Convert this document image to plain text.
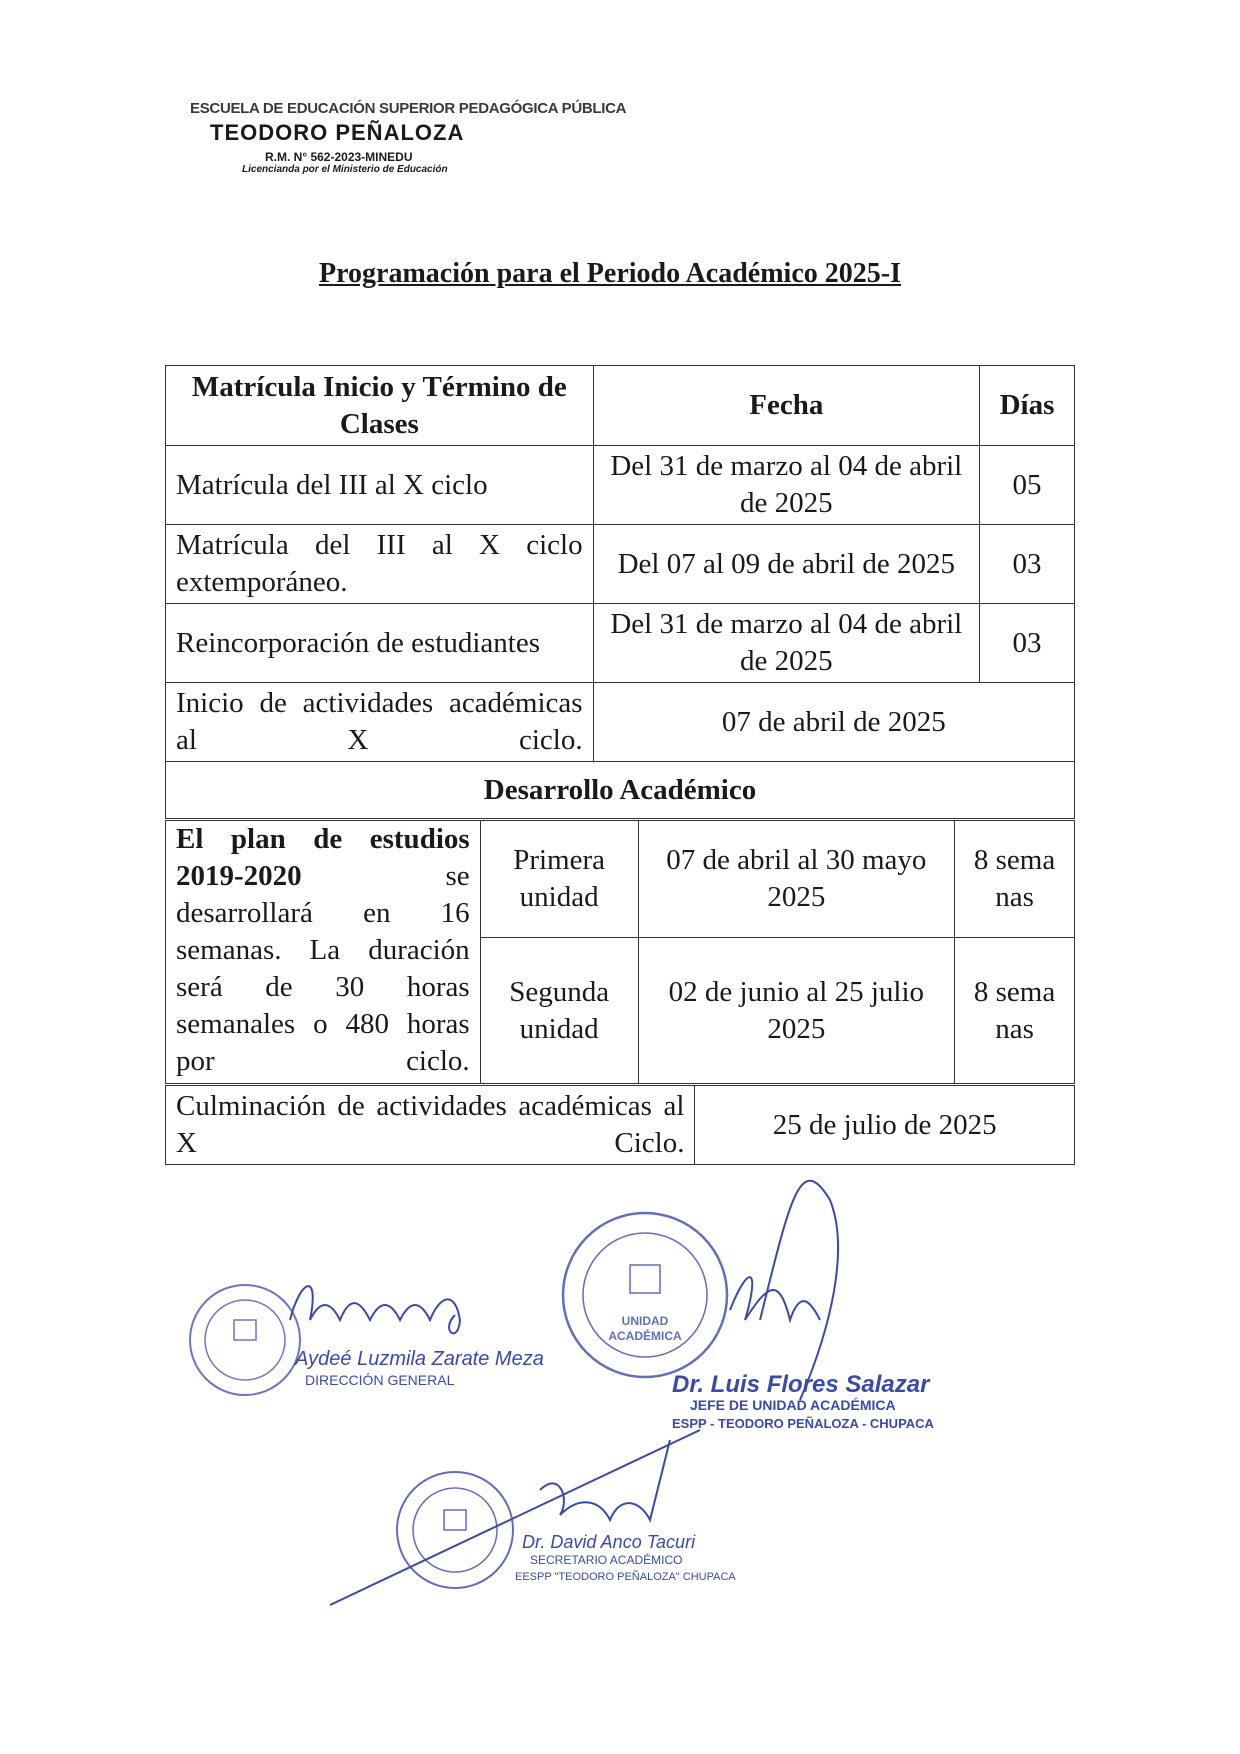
ESCUELA DE EDUCACIÓN SUPERIOR PEDAGÓGICA PÚBLICA
TEODORO PEÑALOZA
R.M. N° 562-2023-MINEDU
Licencianda por el Ministerio de Educación
Programación para el Periodo Académico 2025-I
Matrícula Inicio y Término de Clases	Fecha	Días
Matrícula del III al X ciclo	Del 31 de marzo al 04 de abril de 2025	05
Matrícula del III al X ciclo extemporáneo.	Del 07 al 09 de abril de 2025	03
Reincorporación de estudiantes	Del 31 de marzo al 04 de abril de 2025	03
Inicio de actividades académicas al X ciclo.	07 de abril de 2025	
Desarrollo Académico		
El plan de estudios 2019-2020 se desarrollará en 16 semanas. La duración será de 30 horas semanales o 480 horas por ciclo.	Primera unidad	07 de abril al 30 mayo 2025	8 semanas
	Segunda unidad	02 de junio al 25 julio 2025	8 semanas
Culminación de actividades académicas al X Ciclo.	25 de julio de 2025
Aydeé Luzmila Zarate Meza
DIRECCIÓN GENERAL
UNIDAD
ACADÉMICA
Dr. Luis Flores Salazar
JEFE DE UNIDAD ACADÉMICA
ESPP - TEODORO PEÑALOZA - CHUPACA
Dr. David Anco Tacuri
SECRETARIO ACADÉMICO
EESPP "TEODORO PEÑALOZA" CHUPACA
